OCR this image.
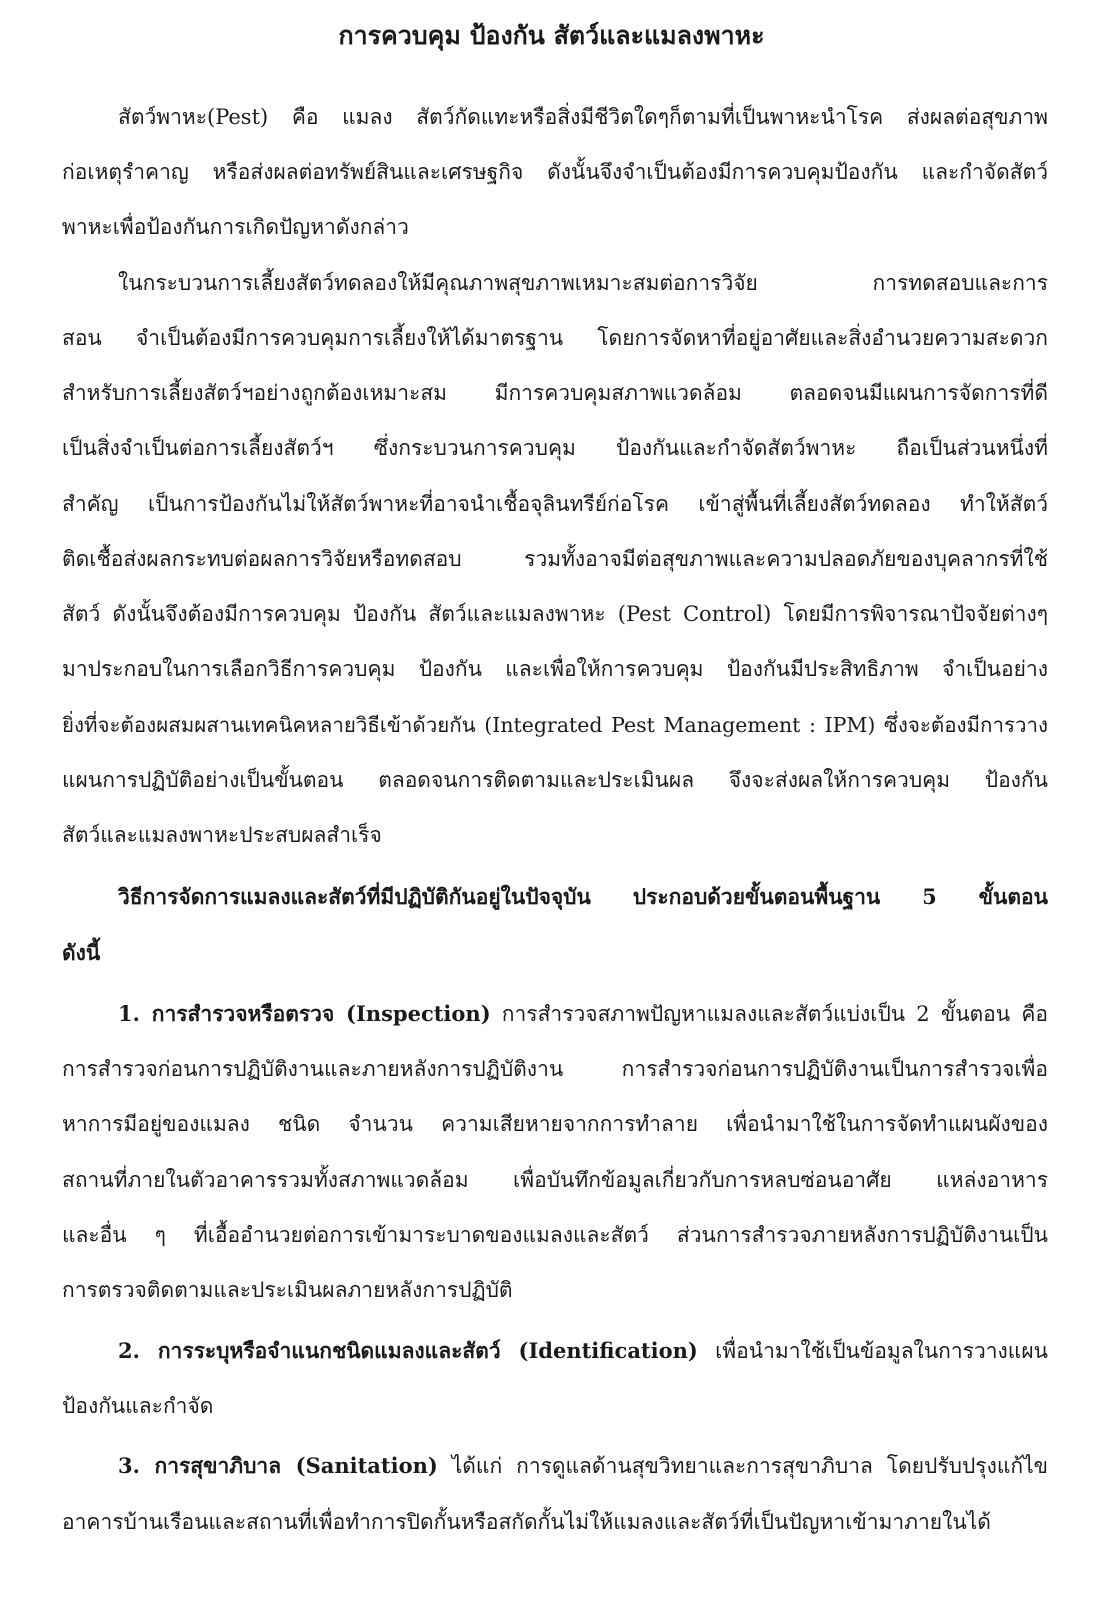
การควบคุม ป้องกัน สัตว์และแมลงพาหะ
สัตว์พาหะ(Pest) คือ แมลง สัตว์กัดแทะหรือสิ่งมีชีวิตใดๆก็ตามที่เป็นพาหะนำโรค ส่งผลต่อสุขภาพ
ก่อเหตุรำคาญ หรือส่งผลต่อทรัพย์สินและเศรษฐกิจ ดังนั้นจึงจำเป็นต้องมีการควบคุมป้องกัน และกำจัดสัตว์
พาหะเพื่อป้องกันการเกิดปัญหาดังกล่าว
ในกระบวนการเลี้ยงสัตว์ทดลองให้มีคุณภาพสุขภาพเหมาะสมต่อการวิจัย การทดสอบและการ
สอน จำเป็นต้องมีการควบคุมการเลี้ยงให้ได้มาตรฐาน โดยการจัดหาที่อยู่อาศัยและสิ่งอำนวยความสะดวก
สำหรับการเลี้ยงสัตว์ฯอย่างถูกต้องเหมาะสม มีการควบคุมสภาพแวดล้อม ตลอดจนมีแผนการจัดการที่ดี
เป็นสิ่งจำเป็นต่อการเลี้ยงสัตว์ฯ ซึ่งกระบวนการควบคุม ป้องกันและกำจัดสัตว์พาหะ ถือเป็นส่วนหนึ่งที่
สำคัญ เป็นการป้องกันไม่ให้สัตว์พาหะที่อาจนำเชื้อจุลินทรีย์ก่อโรค เข้าสู่พื้นที่เลี้ยงสัตว์ทดลอง ทำให้สัตว์
ติดเชื้อส่งผลกระทบต่อผลการวิจัยหรือทดสอบ รวมทั้งอาจมีต่อสุขภาพและความปลอดภัยของบุคลากรที่ใช้
สัตว์ ดังนั้นจึงต้องมีการควบคุม ป้องกัน สัตว์และแมลงพาหะ (Pest Control) โดยมีการพิจารณาปัจจัยต่างๆ
มาประกอบในการเลือกวิธีการควบคุม ป้องกัน และเพื่อให้การควบคุม ป้องกันมีประสิทธิภาพ จำเป็นอย่าง
ยิ่งที่จะต้องผสมผสานเทคนิคหลายวิธีเข้าด้วยกัน (Integrated Pest Management : IPM) ซึ่งจะต้องมีการวาง
แผนการปฏิบัติอย่างเป็นขั้นตอน ตลอดจนการติดตามและประเมินผล จึงจะส่งผลให้การควบคุม ป้องกัน
สัตว์และแมลงพาหะประสบผลสำเร็จ
วิธีการจัดการแมลงและสัตว์ที่มีปฏิบัติกันอยู่ในปัจจุบัน ประกอบด้วยขั้นตอนพื้นฐาน 5 ขั้นตอน
ดังนี้
1. การสำรวจหรือตรวจ (Inspection) การสำรวจสภาพปัญหาแมลงและสัตว์แบ่งเป็น 2 ขั้นตอน คือ
การสำรวจก่อนการปฏิบัติงานและภายหลังการปฏิบัติงาน การสำรวจก่อนการปฏิบัติงานเป็นการสำรวจเพื่อ
หาการมีอยู่ของแมลง ชนิด จำนวน ความเสียหายจากการทำลาย เพื่อนำมาใช้ในการจัดทำแผนผังของ
สถานที่ภายในตัวอาคารรวมทั้งสภาพแวดล้อม เพื่อบันทึกข้อมูลเกี่ยวกับการหลบซ่อนอาศัย แหล่งอาหาร
และอื่น ๆ ที่เอื้ออำนวยต่อการเข้ามาระบาดของแมลงและสัตว์ ส่วนการสำรวจภายหลังการปฏิบัติงานเป็น
การตรวจติดตามและประเมินผลภายหลังการปฏิบัติ
2. การระบุหรือจำแนกชนิดแมลงและสัตว์ (Identification) เพื่อนำมาใช้เป็นข้อมูลในการวางแผน
ป้องกันและกำจัด
3. การสุขาภิบาล (Sanitation) ได้แก่ การดูแลด้านสุขวิทยาและการสุขาภิบาล โดยปรับปรุงแก้ไข
อาคารบ้านเรือนและสถานที่เพื่อทำการปิดกั้นหรือสกัดกั้นไม่ให้แมลงและสัตว์ที่เป็นปัญหาเข้ามาภายในได้
